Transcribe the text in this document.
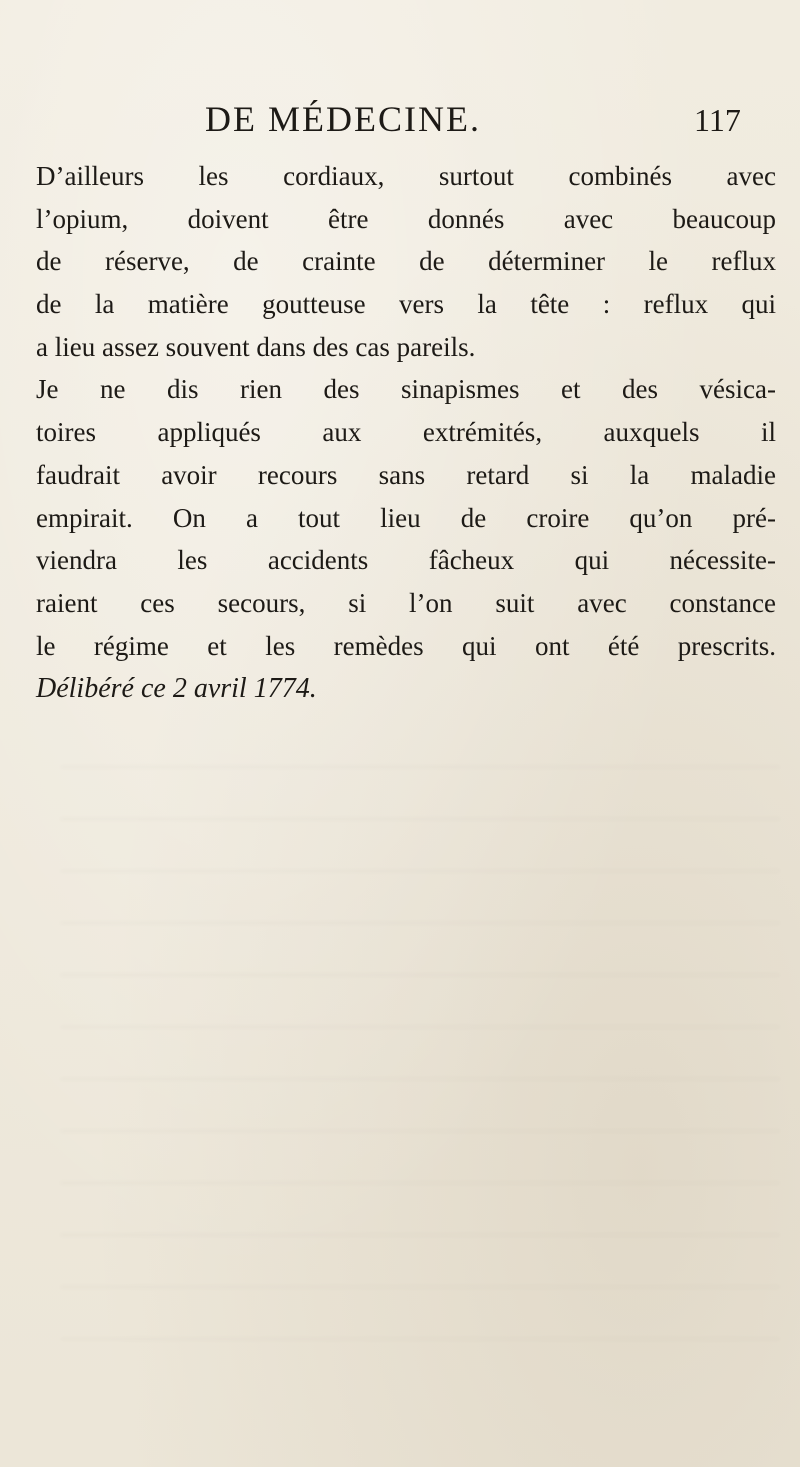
DE MÉDECINE.	117
D’ailleurs les cordiaux, surtout combinés avec
l’opium, doivent être donnés avec beaucoup
de réserve, de crainte de déterminer le reflux
de la matière goutteuse vers la tête : reflux qui
a lieu assez souvent dans des cas pareils.
Je ne dis rien des sinapismes et des vésica-
toires appliqués aux extrémités, auxquels il
faudrait avoir recours sans retard si la maladie
empirait. On a tout lieu de croire qu’on pré-
viendra les accidents fâcheux qui nécessite-
raient ces secours, si l’on suit avec constance
le régime et les remèdes qui ont été prescrits.
Délibéré ce 2 avril 1774.
